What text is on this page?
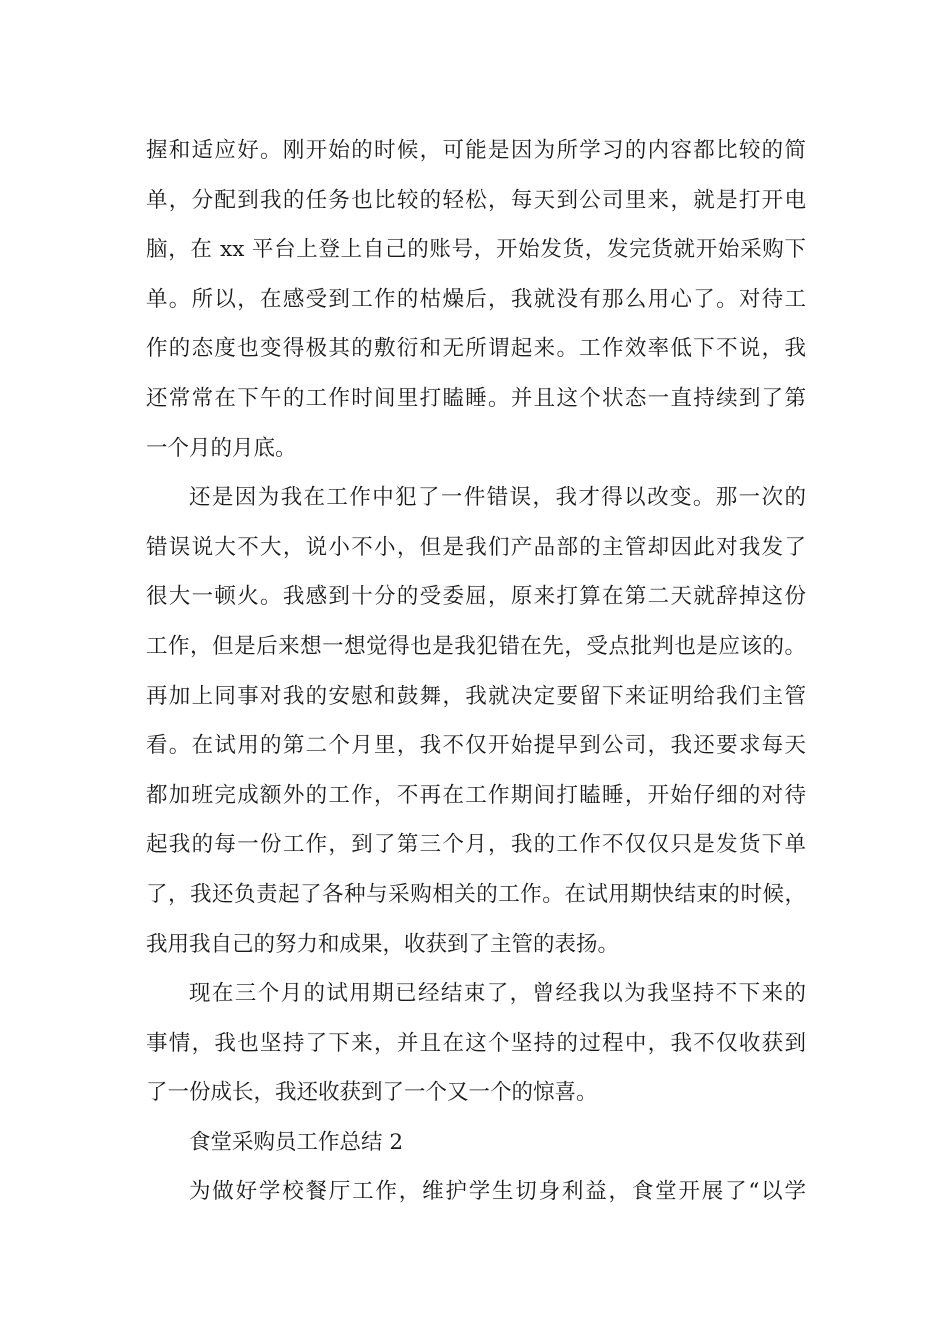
握和适应好。刚开始的时候，可能是因为所学习的内容都比较的简
单，分配到我的任务也比较的轻松，每天到公司里来，就是打开电
脑，在 xx 平台上登上自己的账号，开始发货，发完货就开始采购下
单。所以，在感受到工作的枯燥后，我就没有那么用心了。对待工
作的态度也变得极其的敷衍和无所谓起来。工作效率低下不说，我
还常常在下午的工作时间里打瞌睡。并且这个状态一直持续到了第
一个月的月底。
还是因为我在工作中犯了一件错误，我才得以改变。那一次的
错误说大不大，说小不小，但是我们产品部的主管却因此对我发了
很大一顿火。我感到十分的受委屈，原来打算在第二天就辞掉这份
工作，但是后来想一想觉得也是我犯错在先，受点批判也是应该的。
再加上同事对我的安慰和鼓舞，我就决定要留下来证明给我们主管
看。在试用的第二个月里，我不仅开始提早到公司，我还要求每天
都加班完成额外的工作，不再在工作期间打瞌睡，开始仔细的对待
起我的每一份工作，到了第三个月，我的工作不仅仅只是发货下单
了，我还负责起了各种与采购相关的工作。在试用期快结束的时候，
我用我自己的努力和成果，收获到了主管的表扬。
现在三个月的试用期已经结束了，曾经我以为我坚持不下来的
事情，我也坚持了下来，并且在这个坚持的过程中，我不仅收获到
了一份成长，我还收获到了一个又一个的惊喜。
食堂采购员工作总结 2
为做好学校餐厅工作，维护学生切身利益，食堂开展了“以学
